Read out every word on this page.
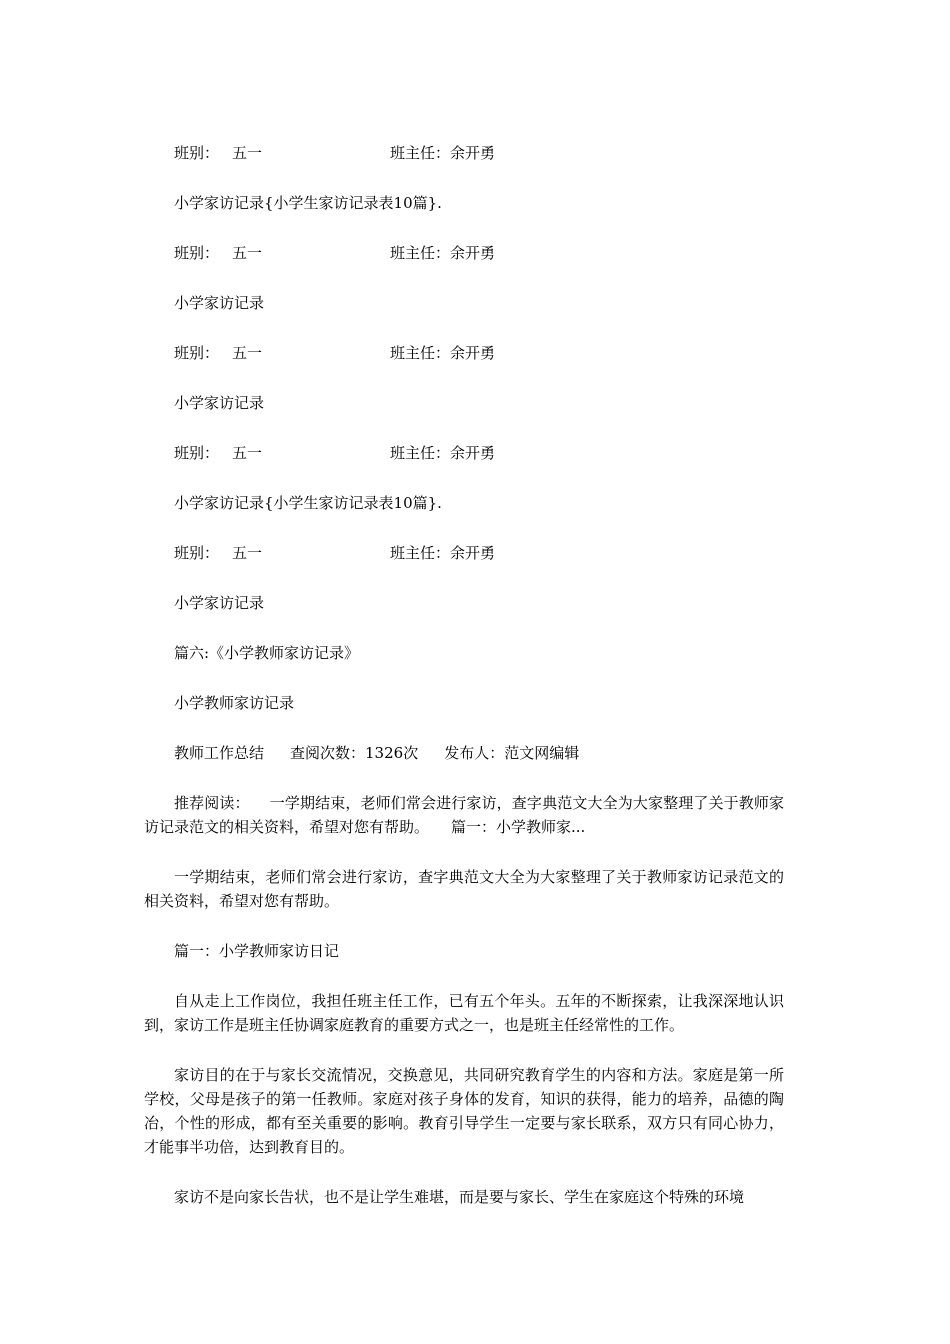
班别： 五一	班主任：余开勇
小学家访记录{小学生家访记录表10篇}.
班别： 五一	班主任：余开勇
小学家访记录
班别： 五一	班主任：余开勇
小学家访记录
班别： 五一	班主任：余开勇
小学家访记录{小学生家访记录表10篇}.
班别： 五一	班主任：余开勇
小学家访记录
篇六:《小学教师家访记录》
小学教师家访记录
教师工作总结 查阅次数：1326次 发布人：范文网编辑
推荐阅读： 一学期结束，老师们常会进行家访，查字典范文大全为大家整理了关于教师家访记录范文的相关资料，希望对您有帮助。 篇一：小学教师家...
一学期结束，老师们常会进行家访，查字典范文大全为大家整理了关于教师家访记录范文的相关资料，希望对您有帮助。
篇一：小学教师家访日记
自从走上工作岗位，我担任班主任工作，已有五个年头。五年的不断探索，让我深深地认识到，家访工作是班主任协调家庭教育的重要方式之一，也是班主任经常性的工作。
家访目的在于与家长交流情况，交换意见，共同研究教育学生的内容和方法。家庭是第一所学校，父母是孩子的第一任教师。家庭对孩子身体的发育，知识的获得，能力的培养，品德的陶冶，个性的形成，都有至关重要的影响。教育引导学生一定要与家长联系，双方只有同心协力，才能事半功倍，达到教育目的。
家访不是向家长告状，也不是让学生难堪，而是要与家长、学生在家庭这个特殊的环境
